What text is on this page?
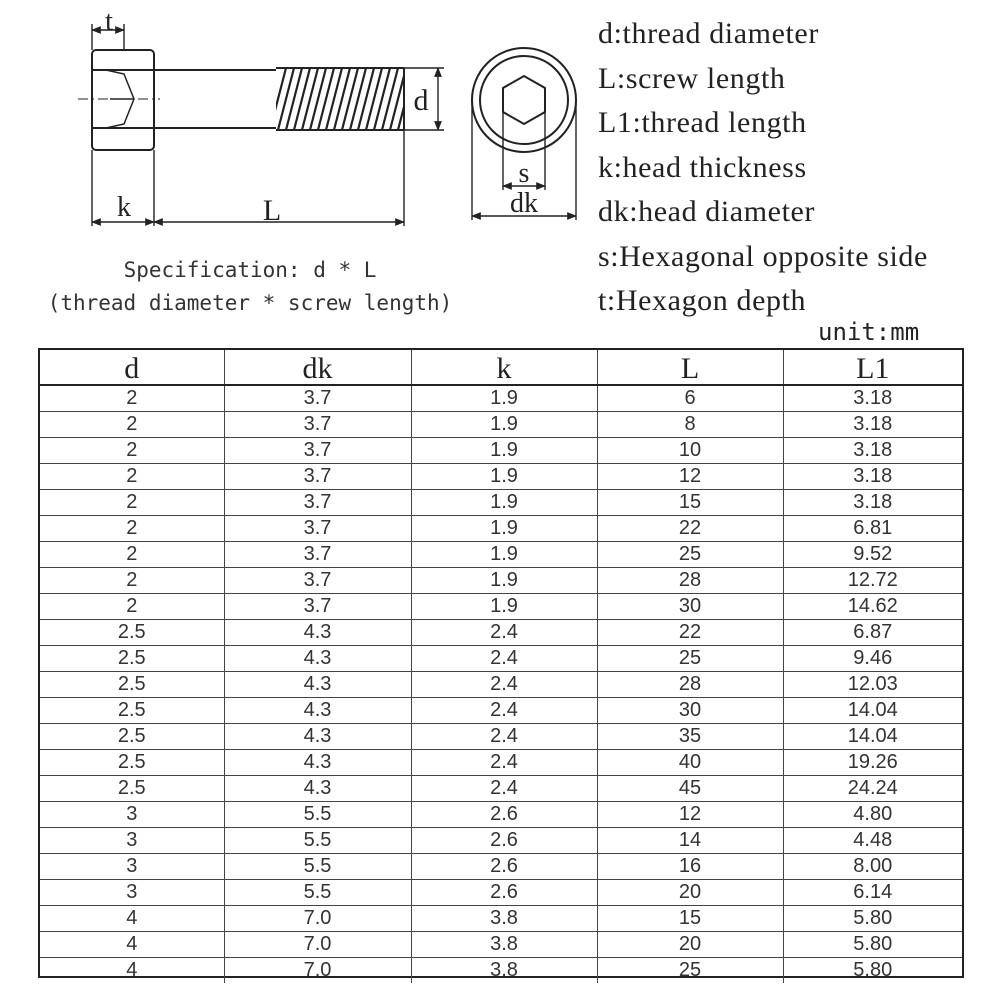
t
k	L
d
s
dk
Specification: d * L
(thread diameter * screw length)
d:thread diameter
L:screw length
L1:thread length
k:head thickness
dk:head diameter
s:Hexagonal opposite side
t:Hexagon depth
unit:mm
d	dk	k	L	L1
2	3.7	1.9	6	3.18
2	3.7	1.9	8	3.18
2	3.7	1.9	10	3.18
2	3.7	1.9	12	3.18
2	3.7	1.9	15	3.18
2	3.7	1.9	22	6.81
2	3.7	1.9	25	9.52
2	3.7	1.9	28	12.72
2	3.7	1.9	30	14.62
2.5	4.3	2.4	22	6.87
2.5	4.3	2.4	25	9.46
2.5	4.3	2.4	28	12.03
2.5	4.3	2.4	30	14.04
2.5	4.3	2.4	35	14.04
2.5	4.3	2.4	40	19.26
2.5	4.3	2.4	45	24.24
3	5.5	2.6	12	4.80
3	5.5	2.6	14	4.48
3	5.5	2.6	16	8.00
3	5.5	2.6	20	6.14
4	7.0	3.8	15	5.80
4	7.0	3.8	20	5.80
4	7.0	3.8	25	5.80
